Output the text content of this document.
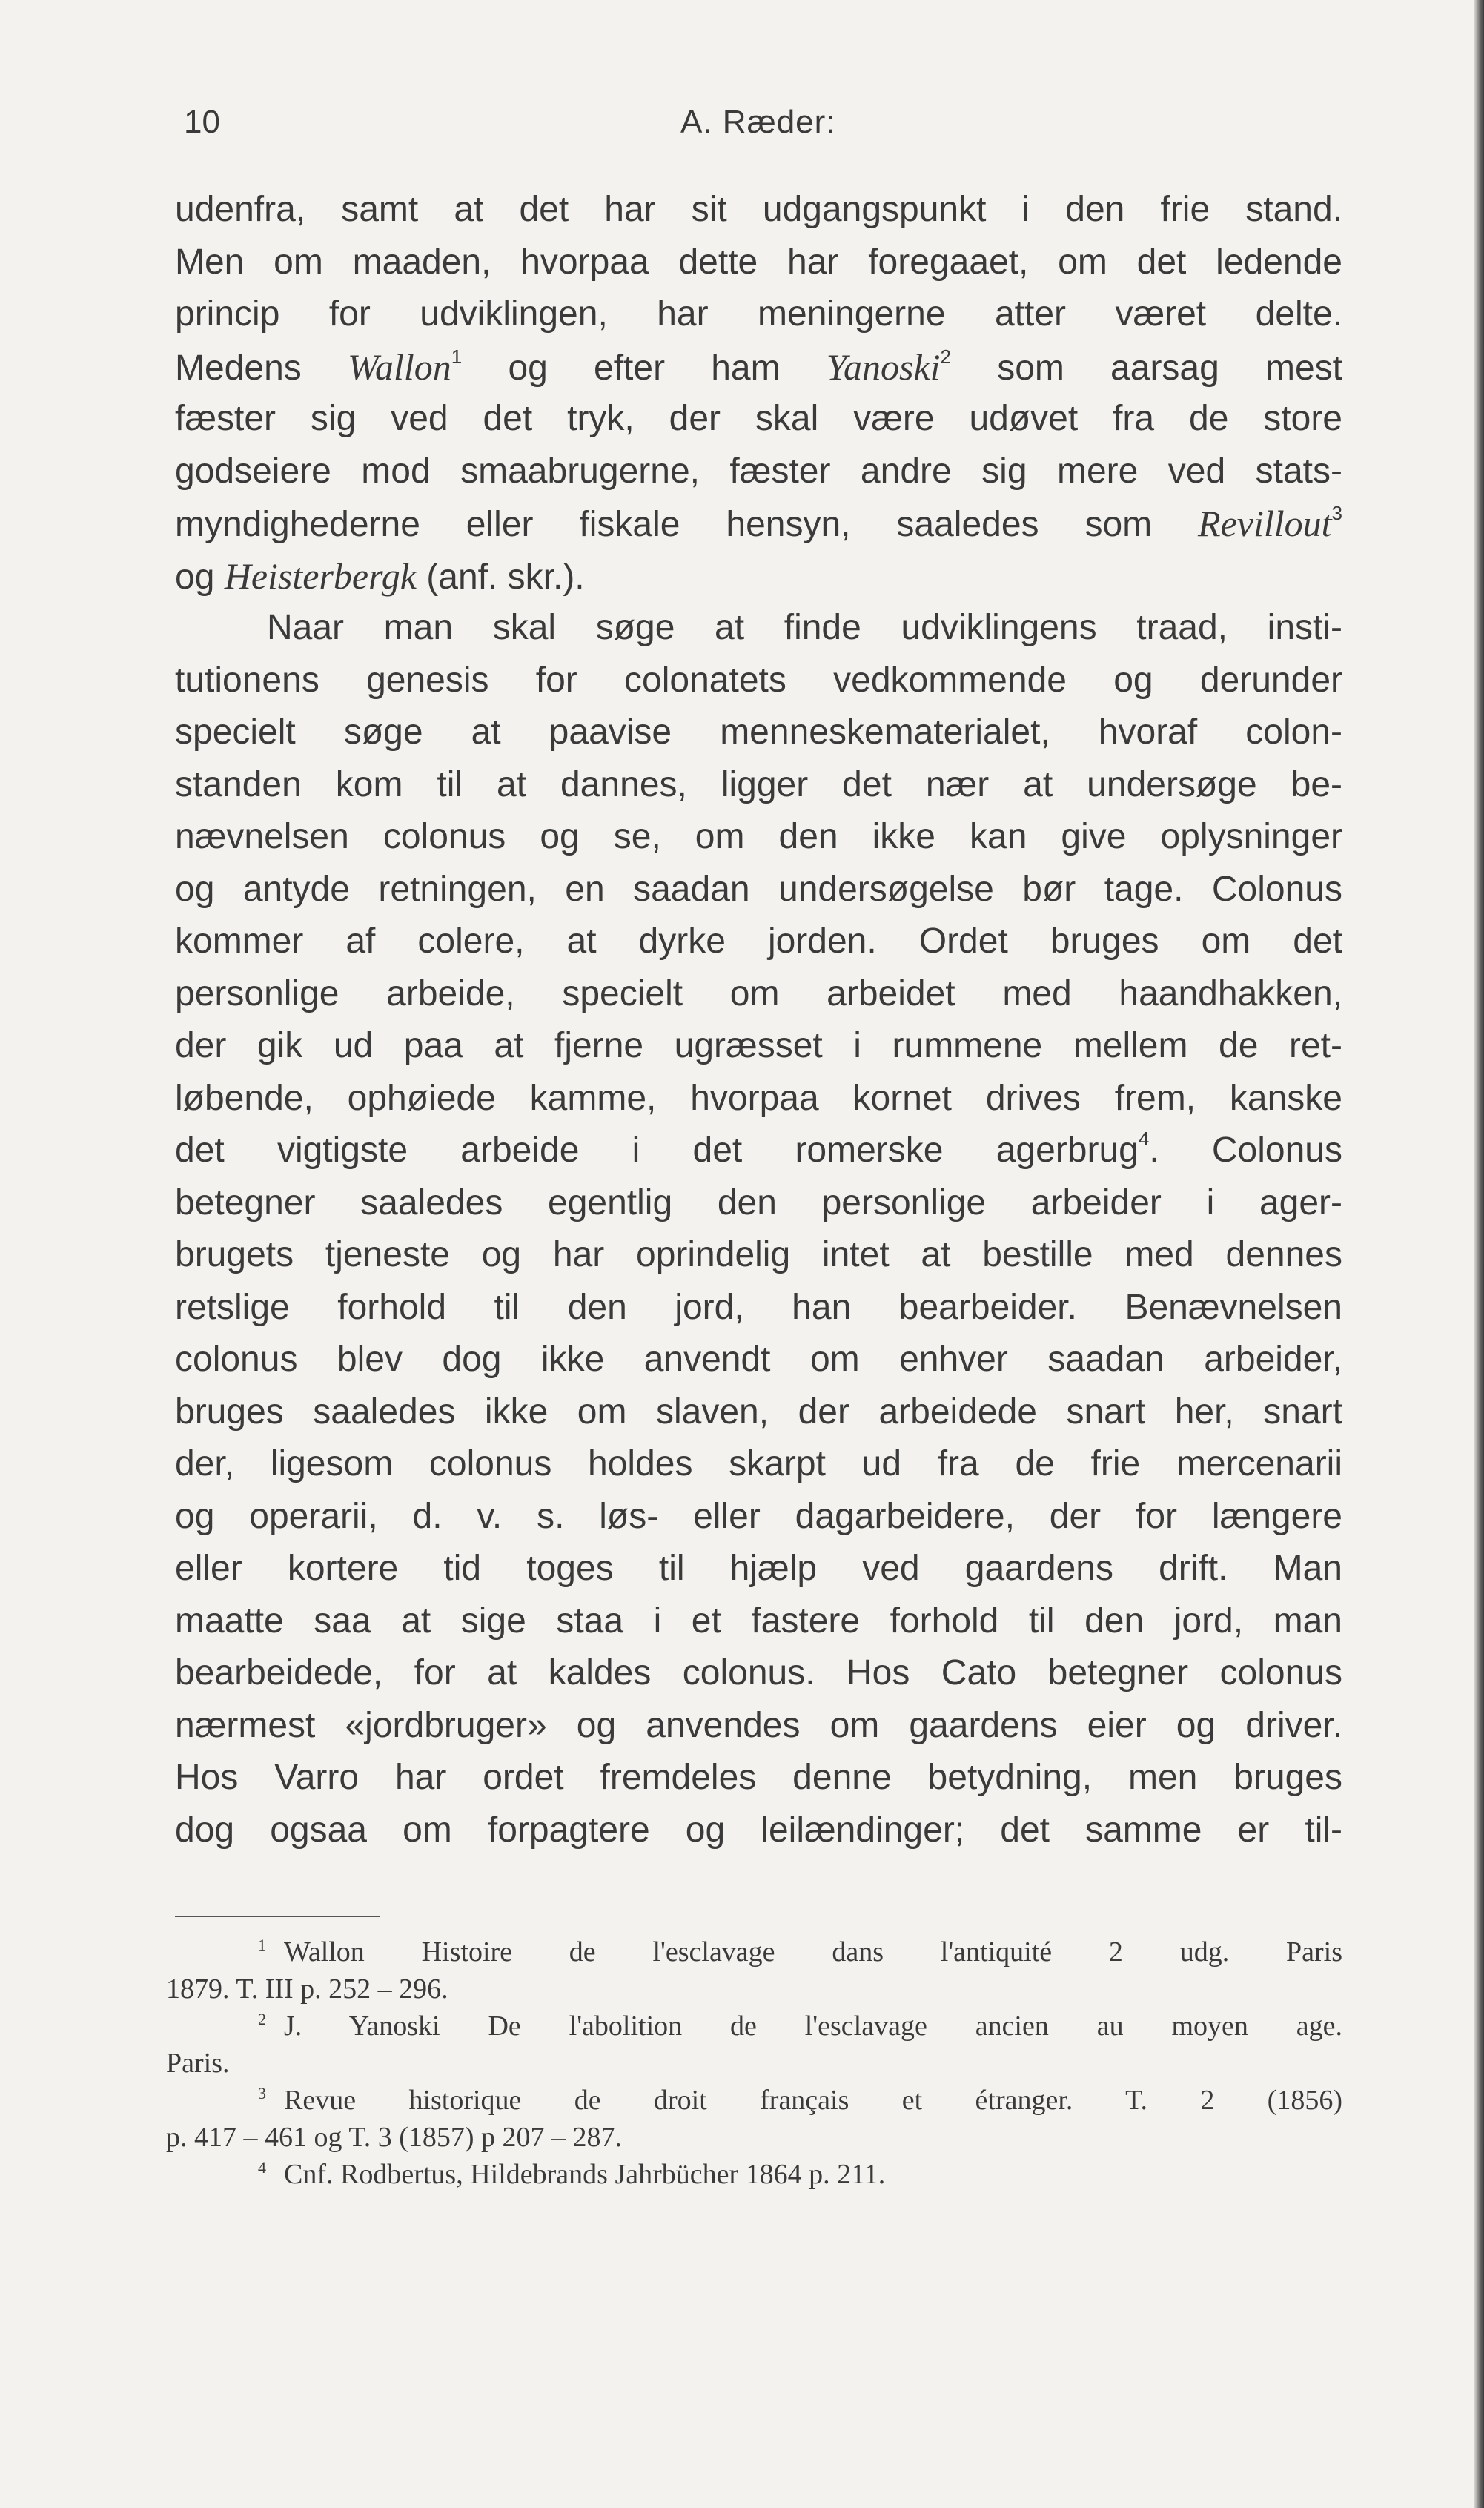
10	A. Ræder:
udenfra, samt at det har sit udgangspunkt i den frie stand.
Men om maaden, hvorpaa dette har foregaaet, om det ledende
princip for udviklingen, har meningerne atter været delte.
Medens Wallon$^1$ og efter ham Yanoski$^2$ som aarsag mest
fæster sig ved det tryk, der skal være udøvet fra de store
godseiere mod smaabrugerne, fæster andre sig mere ved stats-
myndighederne eller fiskale hensyn, saaledes som Revillout$^3$
og Heisterbergk (anf. skr.).
Naar man skal søge at finde udviklingens traad, insti-
tutionens genesis for colonatets vedkommende og derunder
specielt søge at paavise menneskematerialet, hvoraf colon-
standen kom til at dannes, ligger det nær at undersøge be-
nævnelsen colonus og se, om den ikke kan give oplysninger
og antyde retningen, en saadan undersøgelse bør tage. Colonus
kommer af colere, at dyrke jorden. Ordet bruges om det
personlige arbeide, specielt om arbeidet med haandhakken,
der gik ud paa at fjerne ugræsset i rummene mellem de ret-
løbende, ophøiede kamme, hvorpaa kornet drives frem, kanske
det vigtigste arbeide i det romerske agerbrug$^4$. Colonus
betegner saaledes egentlig den personlige arbeider i ager-
brugets tjeneste og har oprindelig intet at bestille med dennes
retslige forhold til den jord, han bearbeider. Benævnelsen
colonus blev dog ikke anvendt om enhver saadan arbeider,
bruges saaledes ikke om slaven, der arbeidede snart her, snart
der, ligesom colonus holdes skarpt ud fra de frie mercenarii
og operarii, d. v. s. løs- eller dagarbeidere, der for længere
eller kortere tid toges til hjælp ved gaardens drift. Man
maatte saa at sige staa i et fastere forhold til den jord, man
bearbeidede, for at kaldes colonus. Hos Cato betegner colonus
nærmest «jordbruger» og anvendes om gaardens eier og driver.
Hos Varro har ordet fremdeles denne betydning, men bruges
dog ogsaa om forpagtere og leilændinger; det samme er til-
$^1$ Wallon Histoire de l'esclavage dans l'antiquité 2 udg. Paris
1879. T. III p. 252 – 296.
$^2$ J. Yanoski De l'abolition de l'esclavage ancien au moyen age.
Paris.
$^3$ Revue historique de droit français et étranger. T. 2 (1856)
p. 417 – 461 og T. 3 (1857) p 207 – 287.
$^4$ Cnf. Rodbertus, Hildebrands Jahrbücher 1864 p. 211.
